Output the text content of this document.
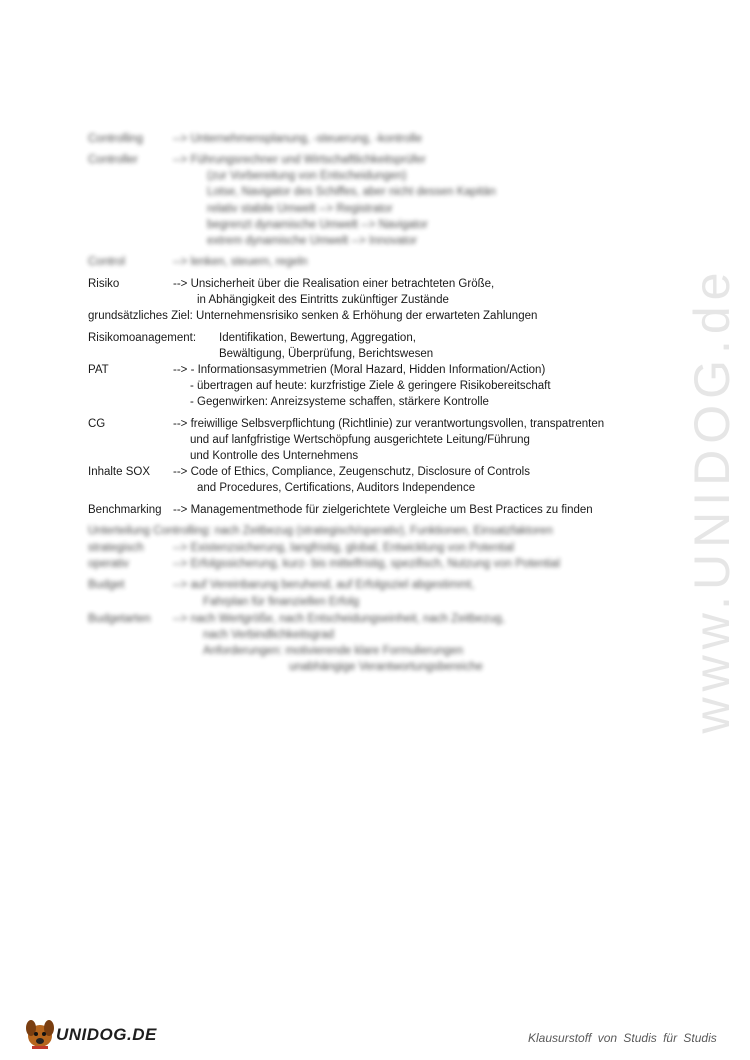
www.UNIDOG.de
Controlling	--> Unternehmensplanung, -steuerung, -kontrolle
Controller	--> Führungsrechner und Wirtschaftlichkeitsprüfer
(zur Vorbereitung von Entscheidungen)
Lotse, Navigator des Schiffes, aber nicht dessen Kapitän
relativ stabile Umwelt --> Registrator
begrenzt dynamische Umwelt --> Navigator
extrem dynamische Umwelt --> Innovator
Control	--> lenken, steuern, regeln
Risiko	--> Unsicherheit über die Realisation einer betrachteten Größe,
in Abhängigkeit des Eintritts zukünftiger Zustände
grundsätzliches Ziel: Unternehmensrisiko senken & Erhöhung der erwarteten Zahlungen
Risikomoanagement: Identifikation, Bewertung, Aggregation,
Bewältigung, Überprüfung, Berichtswesen
PAT	--> - Informationsasymmetrien (Moral Hazard, Hidden Information/Action)
- übertragen auf heute: kurzfristige Ziele & geringere Risikobereitschaft
- Gegenwirken: Anreizsysteme schaffen, stärkere Kontrolle
CG	--> freiwillige Selbsverpflichtung (Richtlinie) zur verantwortungsvollen, transpatrenten
und auf lanfgfristige Wertschöpfung ausgerichtete Leitung/Führung
und Kontrolle des Unternehmens
Inhalte SOX --> Code of Ethics, Compliance, Zeugenschutz, Disclosure of Controls
and Procedures, Certifications, Auditors Independence
Benchmarking --> Managementmethode für zielgerichtete Vergleiche um Best Practices zu finden
Unterteilung Controlling: nach Zeitbezug (strategisch/operativ), Funktionen, Einsatzfaktoren
strategisch	--> Existenzsicherung, langfristig, global, Entwicklung von Potential
operativ	--> Erfolgssicherung, kurz- bis mittelfristig, spezifisch, Nutzung von Potential
Budget	--> auf Vereinbarung beruhend, auf Erfolgsziel abgestimmt,
Fahrplan für finanziellen Erfolg
Budgetarten --> nach Wertgröße, nach Entscheidungseinheit, nach Zeitbezug,
nach Verbindlichkeitsgrad
Anforderungen: motivierende klare Formulierungen
unabhängige Verantwortungsbereiche
UNIDOG.DE	Klausurstoff von Studis für Studis
